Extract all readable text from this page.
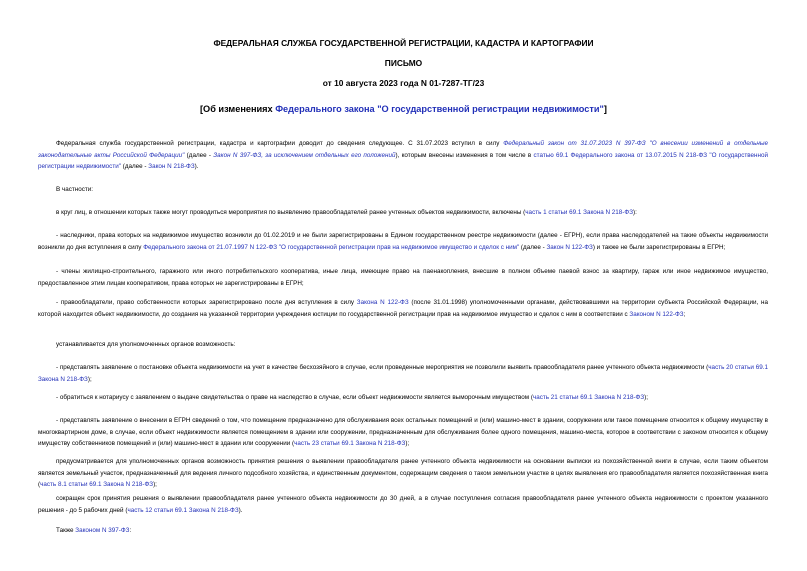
ФЕДЕРАЛЬНАЯ СЛУЖБА ГОСУДАРСТВЕННОЙ РЕГИСТРАЦИИ, КАДАСТРА И КАРТОГРАФИИ
ПИСЬМО
от 10 августа 2023 года N 01-7287-ТГ/23
[Об изменениях Федерального закона "О государственной регистрации недвижимости"]
Федеральная служба государственной регистрации, кадастра и картографии доводит до сведения следующее. С 31.07.2023 вступил в силу Федеральный закон от 31.07.2023 N 397-ФЗ "О внесении изменений в отдельные законодательные акты Российской Федерации" (далее - Закон N 397-ФЗ, за исключением отдельных его положений), которым внесены изменения в том числе в статью 69.1 Федерального закона от 13.07.2015 N 218-ФЗ "О государственной регистрации недвижимости" (далее - Закон N 218-ФЗ).
В частности:
в круг лиц, в отношении которых также могут проводиться мероприятия по выявлению правообладателей ранее учтенных объектов недвижимости, включены (часть 1 статьи 69.1 Закона N 218-ФЗ):
- наследники, права которых на недвижимое имущество возникли до 01.02.2019 и не были зарегистрированы в Едином государственном реестре недвижимости (далее - ЕГРН), если права наследодателей на такие объекты недвижимости возникли до дня вступления в силу Федерального закона от 21.07.1997 N 122-ФЗ "О государственной регистрации прав на недвижимое имущество и сделок с ним" (далее - Закон N 122-ФЗ) и также не были зарегистрированы в ЕГРН;
- члены жилищно-строительного, гаражного или иного потребительского кооператива, иные лица, имеющие право на паенакопления, внесшие в полном объеме паевой взнос за квартиру, гараж или иное недвижимое имущество, предоставленное этим лицам кооперативом, права которых не зарегистрированы в ЕГРН;
- правообладатели, право собственности которых зарегистрировано после дня вступления в силу Закона N 122-ФЗ (после 31.01.1998) уполномоченными органами, действовавшими на территории субъекта Российской Федерации, на которой находится объект недвижимости, до создания на указанной территории учреждения юстиции по государственной регистрации прав на недвижимое имущество и сделок с ним в соответствии с Законом N 122-ФЗ;
устанавливается для уполномоченных органов возможность:
- представлять заявление о постановке объекта недвижимости на учет в качестве бесхозяйного в случае, если проведенные мероприятия не позволили выявить правообладателя ранее учтенного объекта недвижимости (часть 20 статьи 69.1 Закона N 218-ФЗ);
- обратиться к нотариусу с заявлением о выдаче свидетельства о праве на наследство в случае, если объект недвижимости является выморочным имуществом (часть 21 статьи 69.1 Закона N 218-ФЗ);
- представлять заявление о внесении в ЕГРН сведений о том, что помещение предназначено для обслуживания всех остальных помещений и (или) машино-мест в здании, сооружении или такое помещение относится к общему имуществу в многоквартирном доме, в случае, если объект недвижимости является помещением в здании или сооружении, предназначенным для обслуживания более одного помещения, машино-места, которое в соответствии с законом относится к общему имуществу собственников помещений и (или) машино-мест в здании или сооружении (часть 23 статьи 69.1 Закона N 218-ФЗ);
предусматривается для уполномоченных органов возможность принятия решения о выявлении правообладателя ранее учтенного объекта недвижимости на основании выписки из похозяйственной книги в случае, если таким объектом является земельный участок, предназначенный для ведения личного подсобного хозяйства, и единственным документом, содержащим сведения о таком земельном участке в целях выявления его правообладателя является похозяйственная книга (часть 8.1 статьи 69.1 Закона N 218-ФЗ);
сокращен срок принятия решения о выявлении правообладателя ранее учтенного объекта недвижимости до 30 дней, а в случае поступления согласия правообладателя ранее учтенного объекта недвижимости с проектом указанного решения - до 5 рабочих дней (часть 12 статьи 69.1 Закона N 218-ФЗ).
Также Законом N 397-ФЗ:
